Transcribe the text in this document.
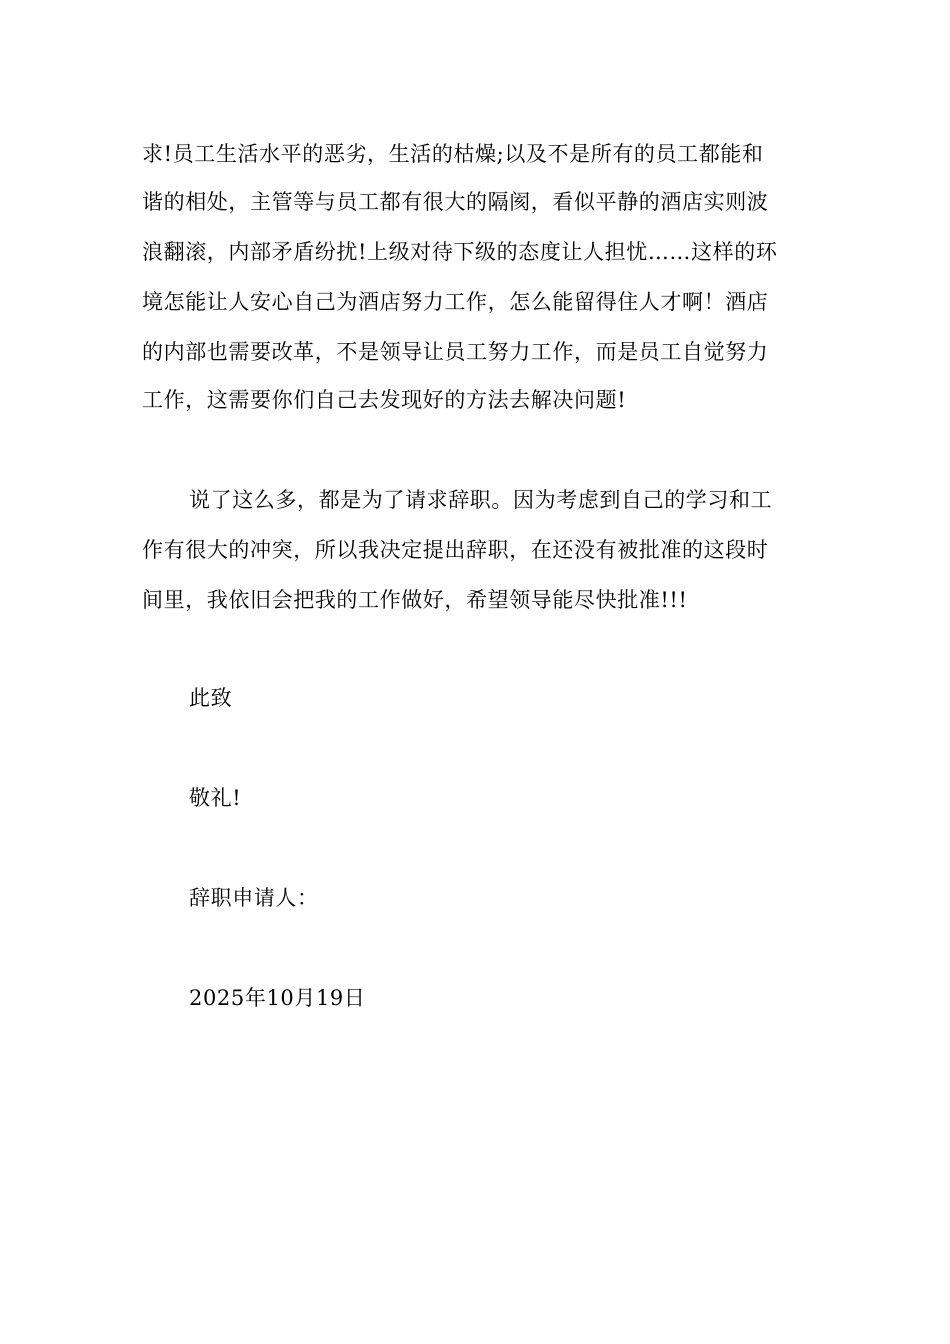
求!员工生活水平的恶劣，生活的枯燥;以及不是所有的员工都能和
谐的相处，主管等与员工都有很大的隔阂，看似平静的酒店实则波
浪翻滚，内部矛盾纷扰!上级对待下级的态度让人担忧……这样的环
境怎能让人安心自己为酒店努力工作，怎么能留得住人才啊！酒店
的内部也需要改革，不是领导让员工努力工作，而是员工自觉努力
工作，这需要你们自己去发现好的方法去解决问题!
说了这么多，都是为了请求辞职。因为考虑到自己的学习和工
作有很大的冲突，所以我决定提出辞职，在还没有被批准的这段时
间里，我依旧会把我的工作做好，希望领导能尽快批准!!!
此致
敬礼!
辞职申请人：
2025年10月19日
